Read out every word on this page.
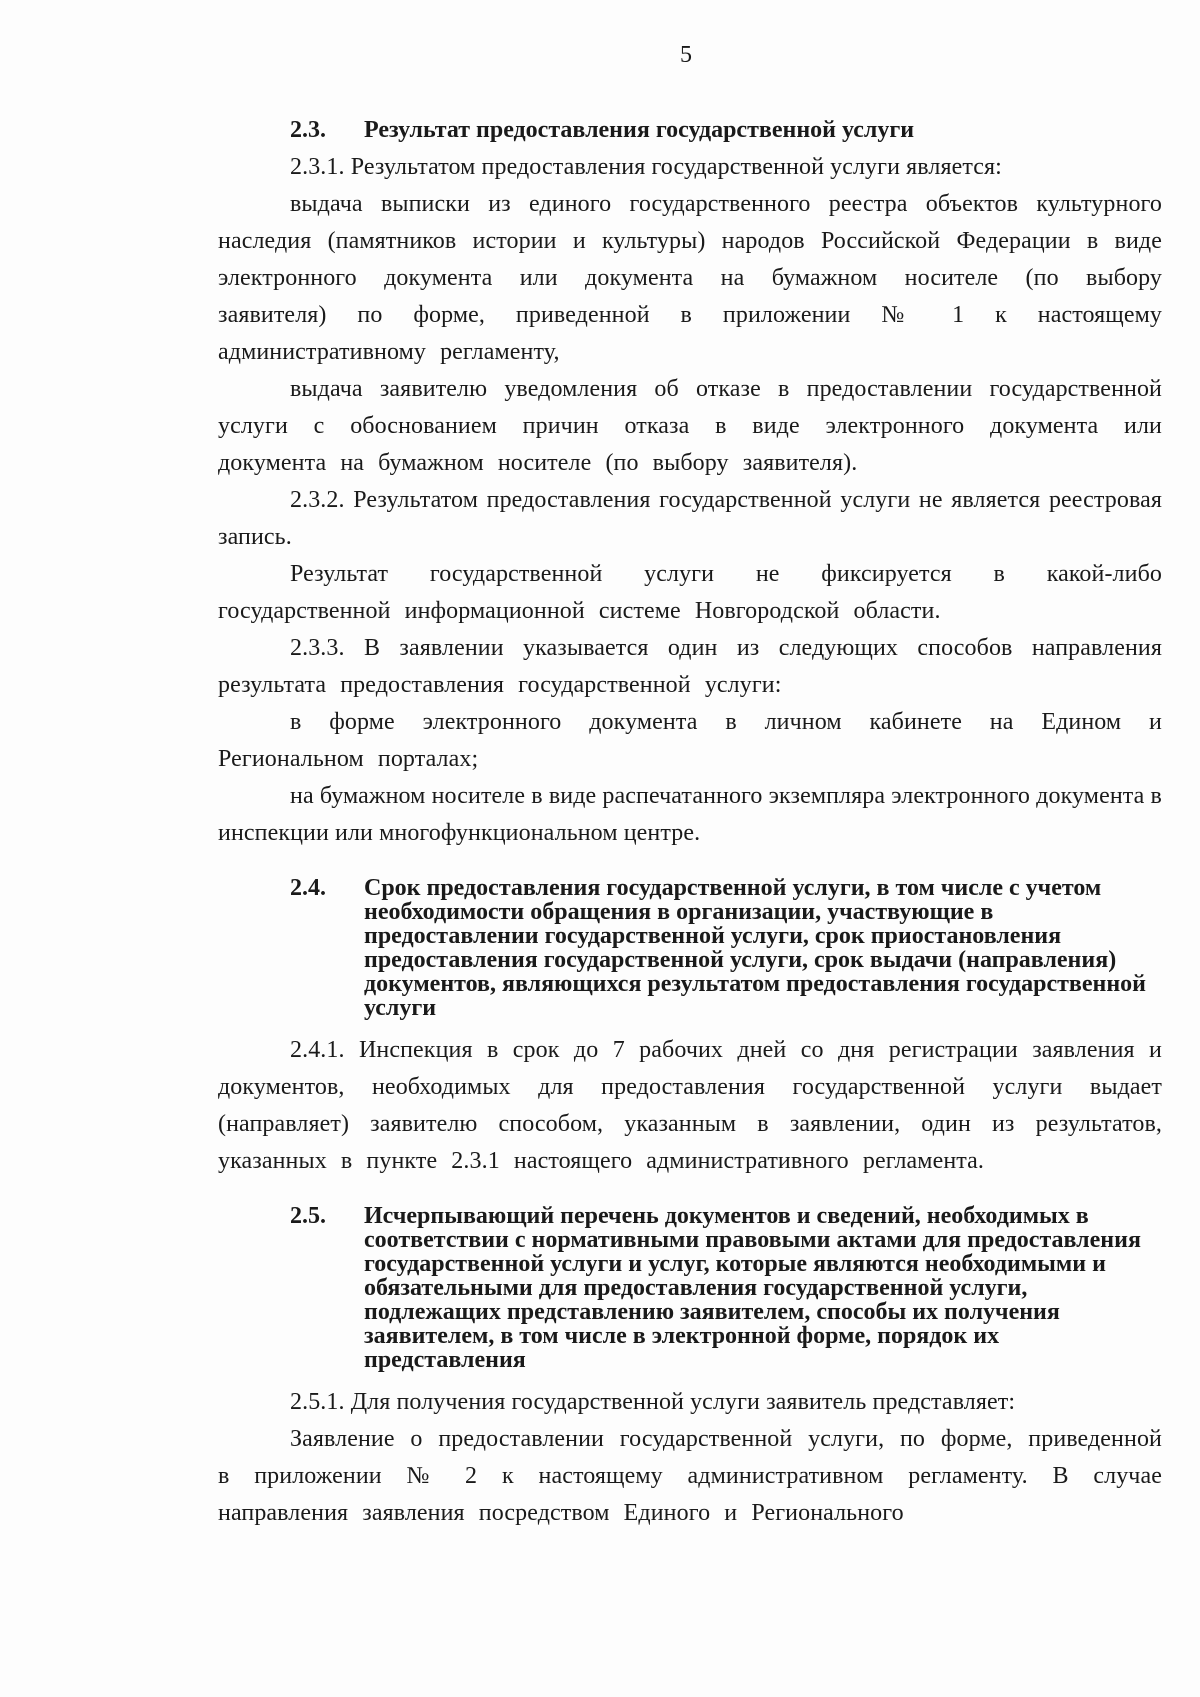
5
2.3.	Результат предоставления государственной услуги

2.3.1. Результатом предоставления государственной услуги является:

выдача выписки из единого государственного реестра объектов культурного наследия (памятников истории и культуры) народов Российской Федерации в виде электронного документа или документа на бумажном носителе (по выбору заявителя) по форме, приведенной в приложении № 1 к настоящему административному регламенту,

выдача заявителю уведомления об отказе в предоставлении государственной услуги с обоснованием причин отказа в виде электронного документа или документа на бумажном носителе (по выбору заявителя).

2.3.2. Результатом предоставления государственной услуги не является реестровая запись.

Результат государственной услуги не фиксируется в какой-либо государственной информационной системе Новгородской области.

2.3.3. В заявлении указывается один из следующих способов направления результата предоставления государственной услуги:

в форме электронного документа в личном кабинете на Едином и Региональном порталах;

на бумажном носителе в виде распечатанного экземпляра электронного документа в инспекции или многофункциональном центре.

2.4.	Срок предоставления государственной услуги, в том числе с учетом необходимости обращения в организации, участвующие в предоставлении государственной услуги, срок приостановления предоставления государственной услуги, срок выдачи (направления) документов, являющихся результатом предоставления государственной услуги

2.4.1. Инспекция в срок до 7 рабочих дней со дня регистрации заявления и документов, необходимых для предоставления государственной услуги выдает (направляет) заявителю способом, указанным в заявлении, один из результатов, указанных в пункте 2.3.1 настоящего административного регламента.

2.5.	Исчерпывающий перечень документов и сведений, необходимых в соответствии с нормативными правовыми актами для предоставления государственной услуги и услуг, которые являются необходимыми и обязательными для предоставления государственной услуги, подлежащих представлению заявителем, способы их получения заявителем, в том числе в электронной форме, порядок их представления

2.5.1. Для получения государственной услуги заявитель представляет:

Заявление о предоставлении государственной услуги, по форме, приведенной в приложении № 2 к настоящему административном регламенту. В случае направления заявления посредством Единого и Регионального
